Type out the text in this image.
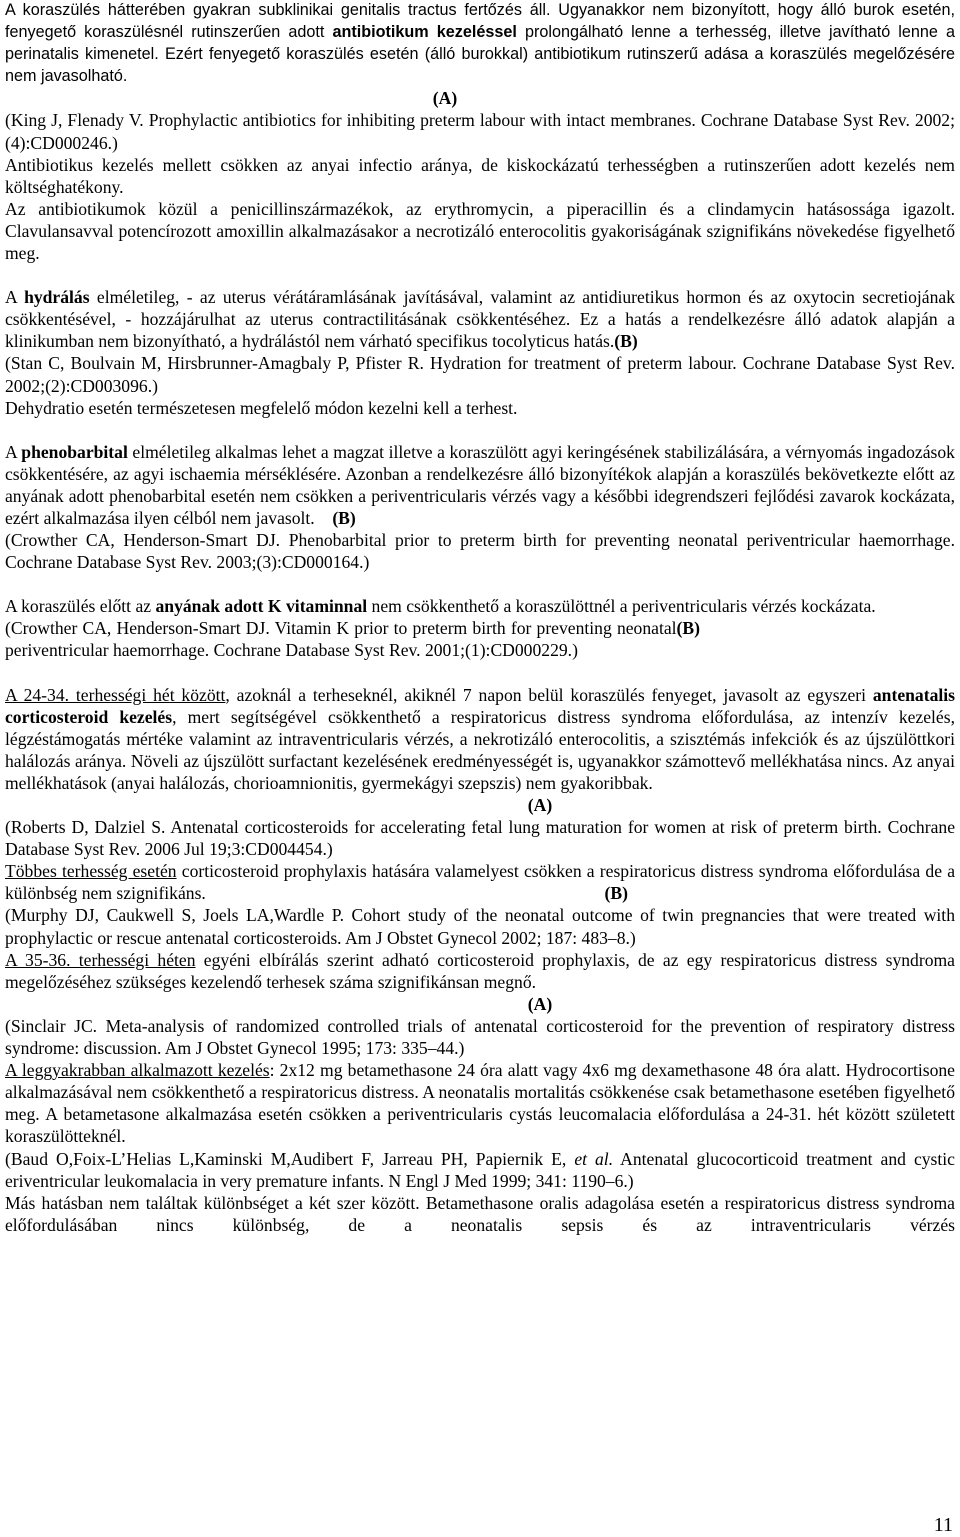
A koraszülés hátterében gyakran subklinikai genitalis tractus fertőzés áll. Ugyanakkor nem bizonyított, hogy álló burok esetén, fenyegető koraszülésnél rutinszerűen adott antibiotikum kezeléssel prolongálható lenne a terhesség, illetve javítható lenne a perinatalis kimenetel. Ezért fenyegető koraszülés esetén (álló burokkal) antibiotikum rutinszerű adása a koraszülés megelőzésére nem javasolható.

(A)

(King J, Flenady V. Prophylactic antibiotics for inhibiting preterm labour with intact membranes. Cochrane Database Syst Rev. 2002;(4):CD000246.)

Antibiotikus kezelés mellett csökken az anyai infectio aránya, de kiskockázatú terhességben a rutinszerűen adott kezelés nem költséghatékony.

Az antibiotikumok közül a penicillinszármazékok, az erythromycin, a piperacillin és a clindamycin hatásossága igazolt. Clavulansavval potencírozott amoxillin alkalmazásakor a necrotizáló enterocolitis gyakoriságának szignifikáns növekedése figyelhető meg.

A hydrálás elméletileg, - az uterus vérátáramlásának javításával, valamint az antidiuretikus hormon és az oxytocin secretiojának csökkentésével, - hozzájárulhat az uterus contractilitásának csökkentéséhez. Ez a hatás a rendelkezésre álló adatok alapján a klinikumban nem bizonyítható, a hydrálástól nem várható specifikus tocolyticus hatás.(B)

(Stan C, Boulvain M, Hirsbrunner-Amagbaly P, Pfister R. Hydration for treatment of preterm labour. Cochrane Database Syst Rev. 2002;(2):CD003096.)

Dehydratio esetén természetesen megfelelő módon kezelni kell a terhest.

A phenobarbital elméletileg alkalmas lehet a magzat illetve a koraszülött agyi keringésének stabilizálására, a vérnyomás ingadozások csökkentésére, az agyi ischaemia mérséklésére. Azonban a rendelkezésre álló bizonyítékok alapján a koraszülés bekövetkezte előtt az anyának adott phenobarbital esetén nem csökken a periventricularis vérzés vagy a későbbi idegrendszeri fejlődési zavarok kockázata, ezért alkalmazása ilyen célból nem javasolt. (B)

(Crowther CA, Henderson-Smart DJ. Phenobarbital prior to preterm birth for preventing neonatal periventricular haemorrhage. Cochrane Database Syst Rev. 2003;(3):CD000164.)

A koraszülés előtt az anyának adott K vitaminnal nem csökkenthető a koraszülöttnél a periventricularis vérzés kockázata.
(B)

(Crowther CA, Henderson-Smart DJ. Vitamin K prior to preterm birth for preventing neonatal periventricular haemorrhage. Cochrane Database Syst Rev. 2001;(1):CD000229.)

A 24-34. terhességi hét között, azoknál a terheseknél, akiknél 7 napon belül koraszülés fenyeget, javasolt az egyszeri antenatalis corticosteroid kezelés, mert segítségével csökkenthető a respiratoricus distress syndroma előfordulása, az intenzív kezelés, légzéstámogatás mértéke valamint az intraventricularis vérzés, a nekrotizáló enterocolitis, a szisztémás infekciók és az újszülöttkori halálozás aránya. Növeli az újszülött surfactant kezelésének eredményességét is, ugyanakkor számottevő mellékhatása nincs. Az anyai mellékhatások (anyai halálozás, chorioamnionitis, gyermekágyi szepszis) nem gyakoribbak.

(A)

(Roberts D, Dalziel S. Antenatal corticosteroids for accelerating fetal lung maturation for women at risk of preterm birth. Cochrane Database Syst Rev. 2006 Jul 19;3:CD004454.)

Többes terhesség esetén corticosteroid prophylaxis hatására valamelyest csökken a respiratoricus distress syndroma előfordulása de a különbség nem szignifikáns.	(B)

(Murphy DJ, Caukwell S, Joels LA,Wardle P. Cohort study of the neonatal outcome of twin pregnancies that were treated with prophylactic or rescue antenatal corticosteroids. Am J Obstet Gynecol 2002; 187: 483–8.)

A 35-36. terhességi héten egyéni elbírálás szerint adható corticosteroid prophylaxis, de az egy respiratoricus distress syndroma megelőzéséhez szükséges kezelendő terhesek száma szignifikánsan megnő.

(A)

(Sinclair JC. Meta-analysis of randomized controlled trials of antenatal corticosteroid for the prevention of respiratory distress syndrome: discussion. Am J Obstet Gynecol 1995; 173: 335–44.)

A leggyakrabban alkalmazott kezelés: 2x12 mg betamethasone 24 óra alatt vagy 4x6 mg dexamethasone 48 óra alatt. Hydrocortisone alkalmazásával nem csökkenthető a respiratoricus distress. A neonatalis mortalitás csökkenése csak betamethasone esetében figyelhető meg. A betametasone alkalmazása esetén csökken a periventricularis cystás leucomalacia előfordulása a 24-31. hét között született koraszülötteknél.

(Baud O,Foix-L’Helias L,Kaminski M,Audibert F, Jarreau PH, Papiernik E, et al. Antenatal glucocorticoid treatment and cystic eriventricular leukomalacia in very premature infants. N Engl J Med 1999; 341: 1190–6.)

Más hatásban nem találtak különbséget a két szer között. Betamethasone oralis adagolása esetén a respiratoricus distress syndroma előfordulásában nincs különbség, de a neonatalis sepsis és az intraventricularis vérzés

11
